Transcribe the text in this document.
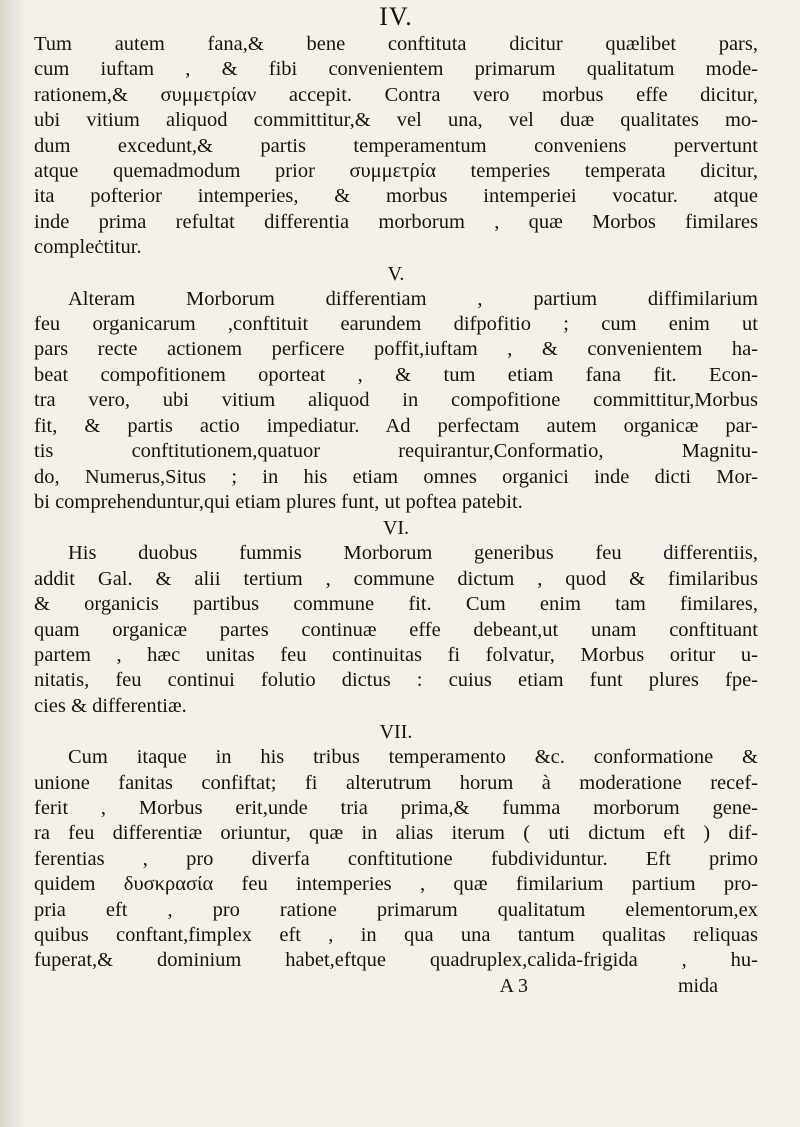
IV.

Tum autem fana,& bene conftituta dicitur quælibet pars,
cum iuftam , & fibi convenientem primarum qualitatum mode-
rationem,& συμμετρίαν accepit. Contra vero morbus effe dicitur,
ubi vitium aliquod committitur,& vel una, vel duæ qualitates mo-
dum excedunt,& partis temperamentum conveniens pervertunt
atque quemadmodum prior συμμετρία temperies temperata dicitur,
ita pofterior intemperies, & morbus intemperiei vocatur. atque
inde prima refultat differentia morborum , quæ Morbos fimilares
compleċtitur.

V.

Alteram Morborum differentiam , partium diffimilarium
feu organicarum ,conftituit earundem difpofitio ; cum enim ut
pars recte actionem perficere poffit,iuftam , & convenientem ha-
beat compofitionem oporteat , & tum etiam fana fit. Econ-
tra vero, ubi vitium aliquod in compofitione committitur,Morbus
fit, & partis actio impediatur. Ad perfectam autem organicæ par-
tis conftitutionem,quatuor requirantur,Conformatio, Magnitu-
do, Numerus,Situs ; in his etiam omnes organici inde dicti Mor-
bi comprehenduntur,qui etiam plures funt, ut poftea patebit.

VI.

His duobus fummis Morborum generibus feu differentiis,
addit Gal. & alii tertium , commune dictum , quod & fimilaribus
& organicis partibus commune fit. Cum enim tam fimilares,
quam organicæ partes continuæ effe debeant,ut unam conftituant
partem , hæc unitas feu continuitas fi folvatur, Morbus oritur u-
nitatis, feu continui folutio dictus : cuius etiam funt plures fpe-
cies & differentiæ.

VII.

Cum itaque in his tribus temperamento &c. conformatione &
unione fanitas confiftat; fi alterutrum horum à moderatione recef-
ferit , Morbus erit,unde tria prima,& fumma morborum gene-
ra feu differentiæ oriuntur, quæ in alias iterum ( uti dictum eft ) dif-
ferentias , pro diverfa conftitutione fubdividuntur. Eft primo
quidem δυσκρασία feu intemperies , quæ fimilarium partium pro-
pria eft , pro ratione primarum qualitatum elementorum,ex
quibus conftant,fimplex eft , in qua una tantum qualitas reliquas
fuperat,& dominium habet,eftque quadruplex,calida-frigida , hu-
A 3	mida
